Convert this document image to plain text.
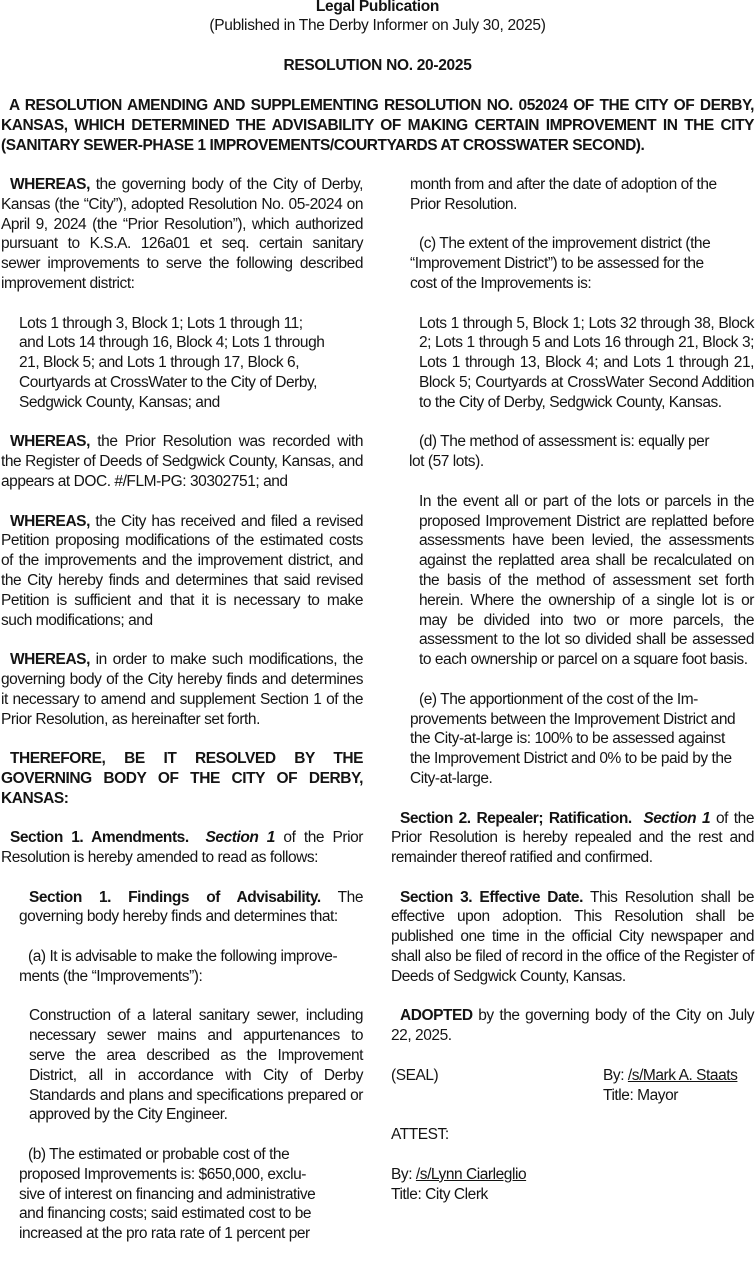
Legal Publication
(Published in The Derby Informer on July 30, 2025)
RESOLUTION NO. 20-2025
A RESOLUTION AMENDING AND SUPPLEMENTING RESOLUTION NO. 052024 OF THE CITY OF DERBY, KANSAS, WHICH DETERMINED THE ADVISABILITY OF MAKING CERTAIN IMPROVEMENT IN THE CITY (SANITARY SEWER-PHASE 1 IMPROVEMENTS/COURTYARDS AT CROSSWATER SECOND).

WHEREAS, the governing body of the City of Derby, Kansas (the “City”), adopted Resolution No. 05-2024 on April 9, 2024 (the “Prior Resolution”), which authorized pursuant to K.S.A. 126a01 et seq. certain sanitary sewer improvements to serve the following described improvement district:

Lots 1 through 3, Block 1; Lots 1 through 11;
and Lots 14 through 16, Block 4; Lots 1 through
21, Block 5; and Lots 1 through 17, Block 6,
Courtyards at CrossWater to the City of Derby,
Sedgwick County, Kansas; and

WHEREAS, the Prior Resolution was recorded with the Register of Deeds of Sedgwick County, Kansas, and appears at DOC. #/FLM-PG: 30302751; and

WHEREAS, the City has received and filed a revised Petition proposing modifications of the estimated costs of the improvements and the improvement district, and the City hereby finds and determines that said revised Petition is sufficient and that it is necessary to make such modifications; and

WHEREAS, in order to make such modifications, the governing body of the City hereby finds and determines it necessary to amend and supplement Section 1 of the Prior Resolution, as hereinafter set forth.

THEREFORE, BE IT RESOLVED BY THE GOVERNING BODY OF THE CITY OF DERBY, KANSAS:

Section 1. Amendments. Section 1 of the Prior Resolution is hereby amended to read as follows:

Section 1. Findings of Advisability. The governing body hereby finds and determines that:

(a) It is advisable to make the following improve-
ments (the “Improvements”):

Construction of a lateral sanitary sewer, including necessary sewer mains and appurtenances to serve the area described as the Improvement District, all in accordance with City of Derby Standards and plans and specifications prepared or approved by the City Engineer.

(b) The estimated or probable cost of the
proposed Improvements is: $650,000, exclu-
sive of interest on financing and administrative
and financing costs; said estimated cost to be
increased at the pro rata rate of 1 percent per

month from and after the date of adoption of the
Prior Resolution.

(c) The extent of the improvement district (the
“Improvement District”) to be assessed for the
cost of the Improvements is:

Lots 1 through 5, Block 1; Lots 32 through 38, Block 2; Lots 1 through 5 and Lots 16 through 21, Block 3; Lots 1 through 13, Block 4; and Lots 1 through 21, Block 5; Courtyards at CrossWater Second Addition to the City of Derby, Sedgwick County, Kansas.

(d) The method of assessment is: equally per
lot (57 lots).

In the event all or part of the lots or parcels in the proposed Improvement District are replatted before assessments have been levied, the assessments against the replatted area shall be recalculated on the basis of the method of assessment set forth herein. Where the ownership of a single lot is or may be divided into two or more parcels, the assessment to the lot so divided shall be assessed to each ownership or parcel on a square foot basis.

(e) The apportionment of the cost of the Im-
provements between the Improvement District and
the City-at-large is: 100% to be assessed against
the Improvement District and 0% to be paid by the
City-at-large.

Section 2. Repealer; Ratification. Section 1 of the Prior Resolution is hereby repealed and the rest and remainder thereof ratified and confirmed.

Section 3. Effective Date. This Resolution shall be effective upon adoption. This Resolution shall be published one time in the official City newspaper and shall also be filed of record in the office of the Register of Deeds of Sedgwick County, Kansas.

ADOPTED by the governing body of the City on July 22, 2025.

(SEAL)	By: /s/Mark A. Staats
Title: Mayor

ATTEST:

By: /s/Lynn Ciarleglio
Title: City Clerk
